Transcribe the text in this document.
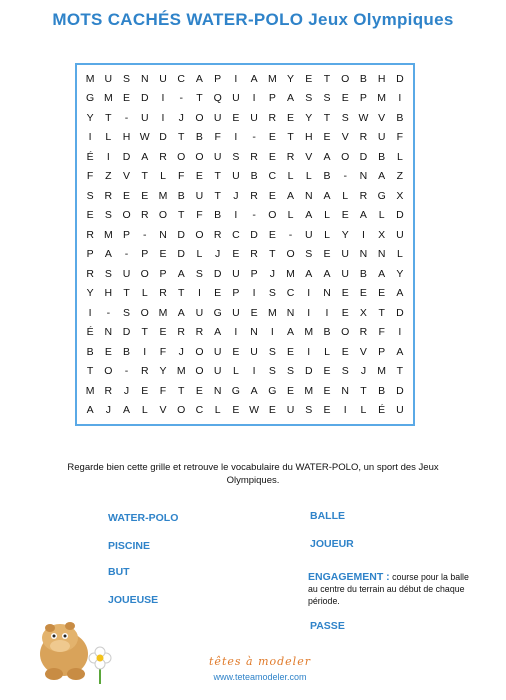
MOTS CACHÉS WATER-POLO Jeux Olympiques
M U	S	N	U	C	A	P	I	A M Y	E	T	O	B	H	D
G M E	D	I	-	T	Q U	I	P	A	S	S	E	P M	I
Y	T	-	U	I	J	O U	E	U	R	E	Y	T	S W V	B
I	L	H W D	T	B	F	I	-	E	T	H	E	V	R	U	F
É	I	D	A	R O O U	S	R	E	R	V	A	O D	B	L
F	Z	V	T	L	F	E	T	U	B	C	L	L	B	-	N	A	Z
S	R	E	E M B	U	T	J	R	E	A	N	A	L	R G	X
E	S	O R O	T	F	B	I	-	O	L	A	L	E	A	L	D
R M P	-	N	D O R	C	D	E	-	U	L	Y	I	X	U
P	A	-	P	E	D	L	J	E	R	T	O	S	E	U	N	N	L
R	S	U O	P	A	S	D	U	P	J	M A	A	U	B	A	Y
Y	H	T	L	R	T	I	E	P	I	S	C	I	N	E	E	E	A
I	-	S	O M A	U G U	E M N	I	I	E	X	T	D
É	N	D	T	E	R	R	A	I	N	I	A M B	O R	F	I
B	E	B	I	F	J	O U	E	U	S	E	I	L	E	V	P	A
T	O	-	R	Y M O U	L	I	S	S	D	E	S	J	M	T
M R	J	E	F	T	E	N G	A	G	E M E	N	T	B	D
A	J	A	L	V	O C	L	E W E	U	S	E	I	L	É	U
Regarde bien cette grille et retrouve le vocabulaire du WATER-POLO, un sport des Jeux Olympiques.
WATER-POLO
PISCINE
BUT
JOUEUSE
BALLE
JOUEUR
ENGAGEMENT : course pour la balle au centre du terrain au début de chaque période.
PASSE
têtes à modeler
www.teteamodeler.com
